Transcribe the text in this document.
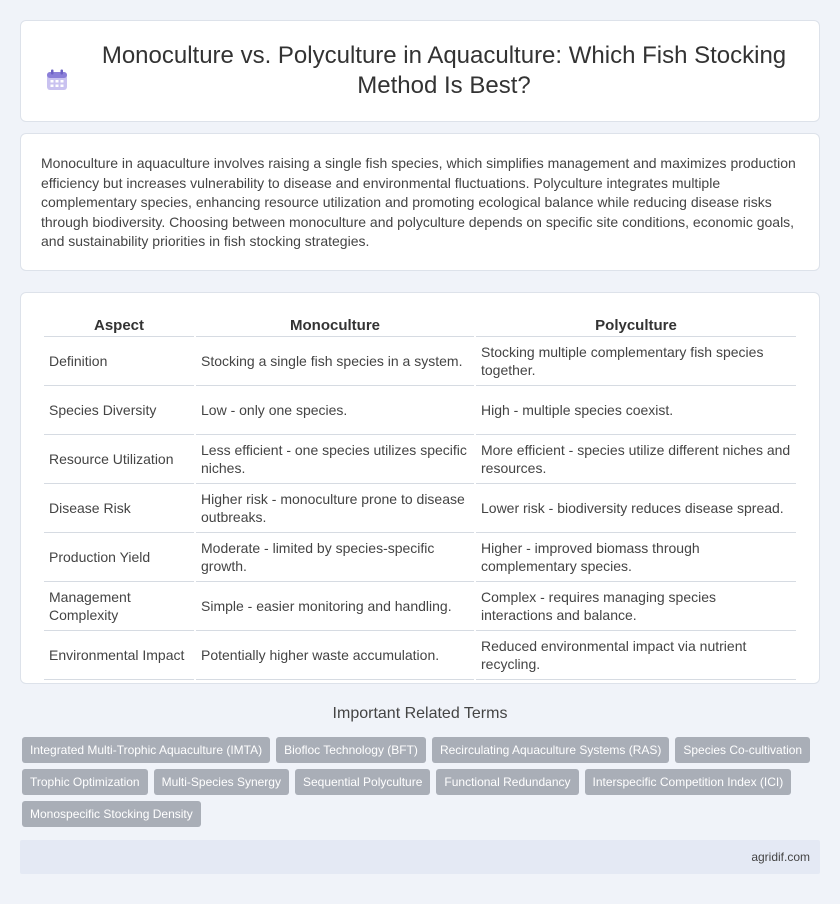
Monoculture vs. Polyculture in Aquaculture: Which Fish Stocking Method Is Best?

Monoculture in aquaculture involves raising a single fish species, which simplifies management and maximizes production efficiency but increases vulnerability to disease and environmental fluctuations. Polyculture integrates multiple complementary species, enhancing resource utilization and promoting ecological balance while reducing disease risks through biodiversity. Choosing between monoculture and polyculture depends on specific site conditions, economic goals, and sustainability priorities in fish stocking strategies.

Aspect	Monoculture	Polyculture
Definition	Stocking a single fish species in a system.	Stocking multiple complementary fish species together.
Species Diversity	Low - only one species.	High - multiple species coexist.
Resource Utilization	Less efficient - one species utilizes specific niches.	More efficient - species utilize different niches and resources.
Disease Risk	Higher risk - monoculture prone to disease outbreaks.	Lower risk - biodiversity reduces disease spread.
Production Yield	Moderate - limited by species-specific growth.	Higher - improved biomass through complementary species.
Management Complexity	Simple - easier monitoring and handling.	Complex - requires managing species interactions and balance.
Environmental Impact	Potentially higher waste accumulation.	Reduced environmental impact via nutrient recycling.
Important Related Terms
Integrated Multi-Trophic Aquaculture (IMTA)	Biofloc Technology (BFT)	Recirculating Aquaculture Systems (RAS)	Species Co-cultivation
Trophic Optimization	Multi-Species Synergy	Sequential Polyculture	Functional Redundancy	Interspecific Competition Index (ICI)
Monospecific Stocking Density
agridif.com
